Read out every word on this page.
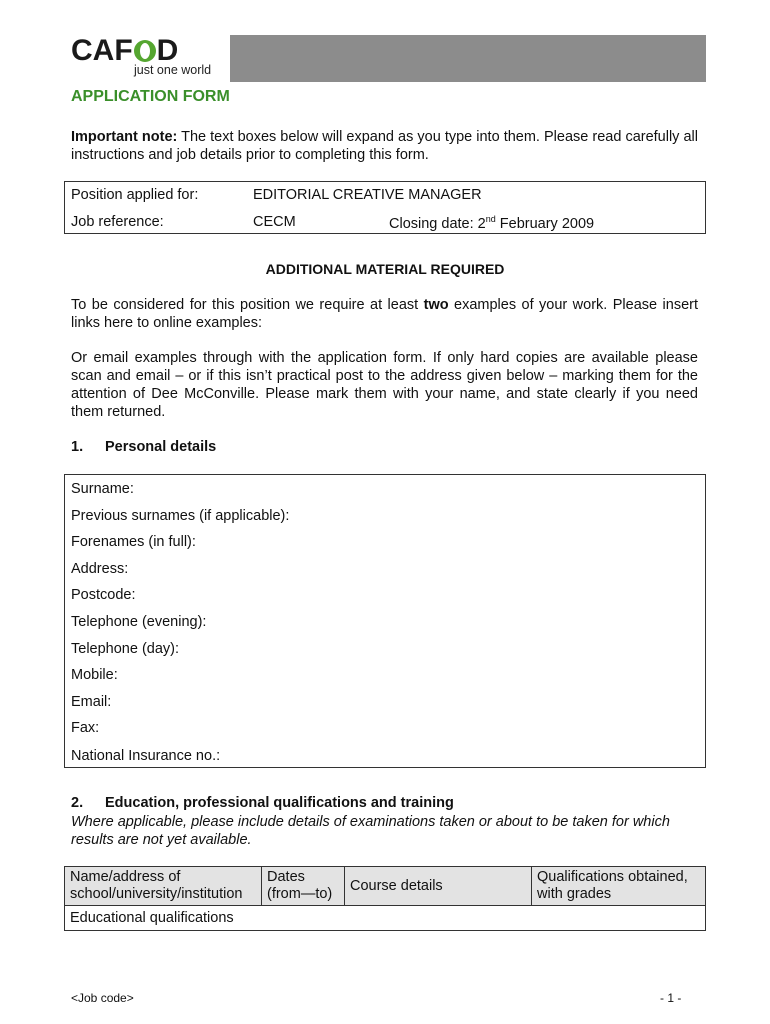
CAF D
just one world
APPLICATION FORM
Important note: The text boxes below will expand as you type into them. Please read carefully all instructions and job details prior to completing this form.
Position applied for:	EDITORIAL CREATIVE MANAGER
Job reference:	CECM	Closing date: 2nd February 2009
ADDITIONAL MATERIAL REQUIRED
To be considered for this position we require at least two examples of your work. Please insert links here to online examples:
Or email examples through with the application form. If only hard copies are available please scan and email – or if this isn’t practical post to the address given below – marking them for the attention of Dee McConville. Please mark them with your name, and state clearly if you need them returned.
1. Personal details
Surname:
Previous surnames (if applicable):
Forenames (in full):
Address:
Postcode:
Telephone (evening):
Telephone (day):
Mobile:
Email:
Fax:
National Insurance no.:
2. Education, professional qualifications and training
Where applicable, please include details of examinations taken or about to be taken for which results are not yet available.
Name/address of school/university/institution	Dates (from—to)	Course details	Qualifications obtained, with grades
Educational qualifications
<Job code>	- 1 -
